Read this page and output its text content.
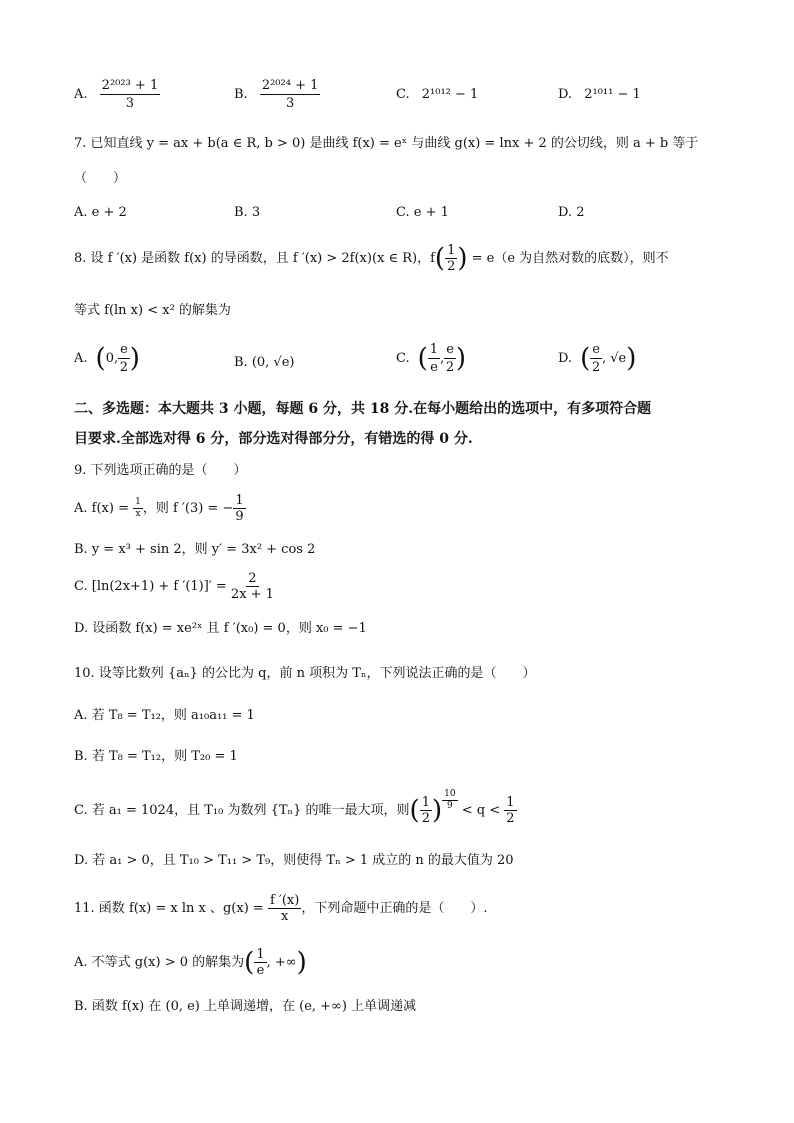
A. $\frac{\text{2²⁰²³ + 1}}{3}$	B. $\frac{\text{2²⁰²⁴ + 1}}{3}$	C. 2¹⁰¹² − 1	D. 2¹⁰¹¹ − 1
7. 已知直线 y = ax + b(a ∈ R, b > 0) 是曲线 f(x) = eˣ 与曲线 g(x) = lnx + 2 的公切线，则 a + b 等于
（　　）
A. e + 2	B. 3	C. e + 1	D. 2
8. 设 f ′(x) 是函数 f(x) 的导函数，且 f ′(x) > 2f(x)(x ∈ R)，$f( \frac{1}{2}$ ) = e（e 为自然对数的底数），则不
等式 f(ln x) < x² 的解集为
A. (0, $\frac{e}{2}$ )	B. (0, √e)	C. ( $\frac{1}{e}$ , $\frac{e}{2}$ )	D. ( $\frac{e}{2}$ , √e)
二、多选题：本大题共 3 小题，每题 6 分，共 18 分.在每小题给出的选项中，有多项符合题
目要求.全部选对得 6 分，部分选对得部分分，有错选的得 0 分.
9. 下列选项正确的是（　　）
A. $f(x) = \frac{1}{x}$ ，则 f ′(3) = − $\frac{1}{9}$
B. y = x³ + sin 2，则 y′ = 3x² + cos 2
C. [ln(2x+1) + f $'(1)]' = \frac{2}{2x + 1}$
D. 设函数 f(x) = xe²ˣ 且 f ′(x₀) = 0，则 x₀ = −1
10. 设等比数列 {aₙ} 的公比为 q，前 n 项积为 Tₙ，下列说法正确的是（　　）
A. 若 T₈ = T₁₂，则 a₁₀a₁₁ = 1
B. 若 T₈ = T₁₂，则 T₂₀ = 1
C. 若 a₁ = 1024，且 T₁₀ 为数列 {Tₙ} 的唯一最大项，则( $\frac{1}{2}$ ) $\frac{10}{9} < q < \frac{1}{2}$
D. 若 a₁ > 0，且 T₁₀ > T₁₁ > T₉，则使得 Tₙ > 1 成立的 n 的最大值为 20
11. 函数 f(x) = x ln x 、$g(x) = \frac{f '(x)}{x}$ ，下列命题中正确的是（　　）.
A. 不等式 g(x) > 0 的解集为( $\frac{1}{e}$ , +∞)
B. 函数 f(x) 在 (0, e) 上单调递增，在 (e, +∞) 上单调递减
